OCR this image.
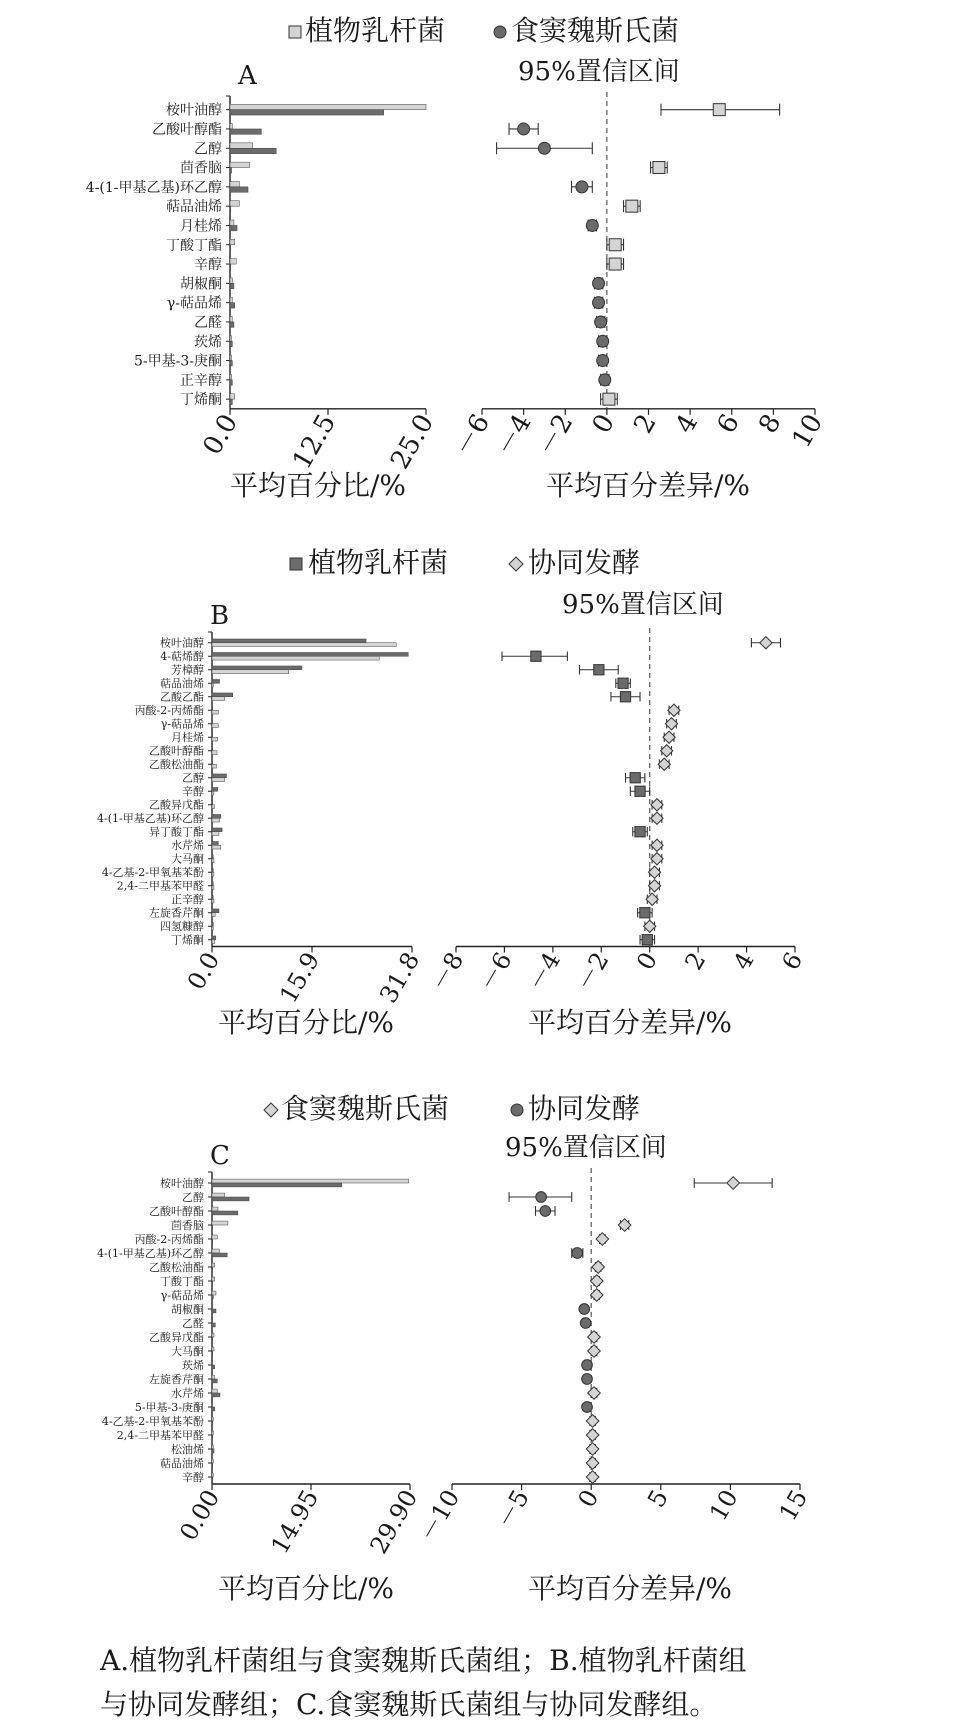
植物乳杆菌 食窦魏斯氏菌
95%置信区间
A
桉叶油醇
乙酸叶醇酯
乙醇
茴香脑
4-(1-甲基乙基)环乙醇
萜品油烯
月桂烯
丁酸丁酯
辛醇
胡椒酮
γ-萜品烯
乙醛
莰烯
5-甲基-3-庚酮
正辛醇
丁烯酮
0.0 12.5 25.0
平均百分比/%
－6
－4
－2 0 2 4 6 8 10
平均百分差异/%
植物乳杆菌	协同发酵
95%置信区间
B
桉叶油醇
4-萜烯醇
芳樟醇
萜品油烯
乙酸乙酯
丙酸-2-丙烯酯
γ-萜品烯
月桂烯
乙酸叶醇酯
乙酸松油酯
乙醇
辛醇
乙酸异戊酯
4-(1-甲基乙基)环乙醇
异丁酸丁酯
水芹烯
大马酮
4-乙基-2-甲氧基苯酚
2,4-二甲基苯甲醛
正辛醇
左旋香芹酮
四氢糠醇
丁烯酮
0.0 15.9 31.8
平均百分比/%
－8 －6 －4 －2 0 2 4 6
平均百分差异/%
食窦魏斯氏菌	协同发酵
95%置信区间
C
桉叶油醇
乙醇
乙酸叶醇酯
茴香脑
丙酸-2-丙烯酯
4-(1-甲基乙基)环乙醇
乙酸松油酯
丁酸丁酯
γ-萜品烯
胡椒酮
乙醛
乙酸异戊酯
大马酮
莰烯
左旋香芹酮
水芹烯
5-甲基-3-庚酮
4-乙基-2-甲氧基苯酚
2,4-二甲基苯甲醛
松油烯
萜品油烯
辛醇
0.00 14.95 29.90
平均百分比/%
－10 －5 0 5 10 15
平均百分差异/%
A.植物乳杆菌组与食窦魏斯氏菌组；B.植物乳杆菌组
与协同发酵组；C.食窦魏斯氏菌组与协同发酵组。
